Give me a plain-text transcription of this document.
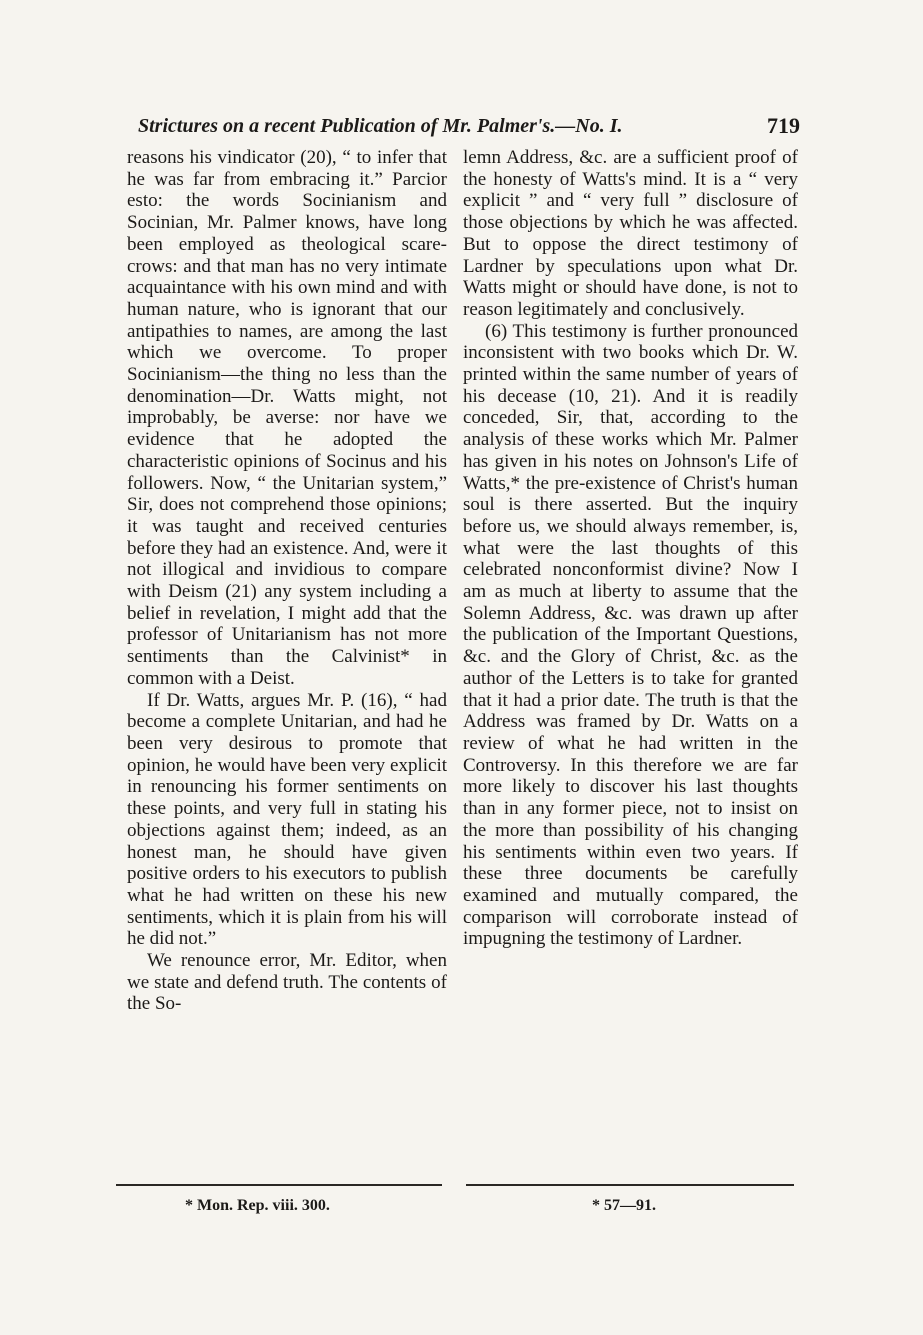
Strictures on a recent Publication of Mr. Palmer's.—No. I.	719

reasons his vindicator (20), “ to infer that he was far from embracing it.” Parcior esto: the words Socinianism and Socinian, Mr. Palmer knows, have long been employed as theological scare-crows: and that man has no very intimate acquaintance with his own mind and with human nature, who is ignorant that our antipathies to names, are among the last which we overcome. To proper Socinianism—the thing no less than the denomination—Dr. Watts might, not improbably, be averse: nor have we evidence that he adopted the characteristic opinions of Socinus and his followers. Now, “ the Unitarian system,” Sir, does not comprehend those opinions; it was taught and received centuries before they had an existence. And, were it not illogical and invidious to compare with Deism (21) any system including a belief in revelation, I might add that the professor of Unitarianism has not more sentiments than the Calvinist* in common with a Deist.

If Dr. Watts, argues Mr. P. (16), “ had become a complete Unitarian, and had he been very desirous to promote that opinion, he would have been very explicit in renouncing his former sentiments on these points, and very full in stating his objections against them; indeed, as an honest man, he should have given positive orders to his executors to publish what he had written on these his new sentiments, which it is plain from his will he did not.”

We renounce error, Mr. Editor, when we state and defend truth. The contents of the So-

lemn Address, &c. are a sufficient proof of the honesty of Watts's mind. It is a “ very explicit ” and “ very full ” disclosure of those objections by which he was affected. But to oppose the direct testimony of Lardner by speculations upon what Dr. Watts might or should have done, is not to reason legitimately and conclusively.

(6) This testimony is further pronounced inconsistent with two books which Dr. W. printed within the same number of years of his decease (10, 21). And it is readily conceded, Sir, that, according to the analysis of these works which Mr. Palmer has given in his notes on Johnson's Life of Watts,* the pre-existence of Christ's human soul is there asserted. But the inquiry before us, we should always remember, is, what were the last thoughts of this celebrated nonconformist divine? Now I am as much at liberty to assume that the Solemn Address, &c. was drawn up after the publication of the Important Questions, &c. and the Glory of Christ, &c. as the author of the Letters is to take for granted that it had a prior date. The truth is that the Address was framed by Dr. Watts on a review of what he had written in the Controversy. In this therefore we are far more likely to discover his last thoughts than in any former piece, not to insist on the more than possibility of his changing his sentiments within even two years. If these three documents be carefully examined and mutually compared, the comparison will corroborate instead of impugning the testimony of Lardner.

* Mon. Rep. viii. 300.	* 57—91.
